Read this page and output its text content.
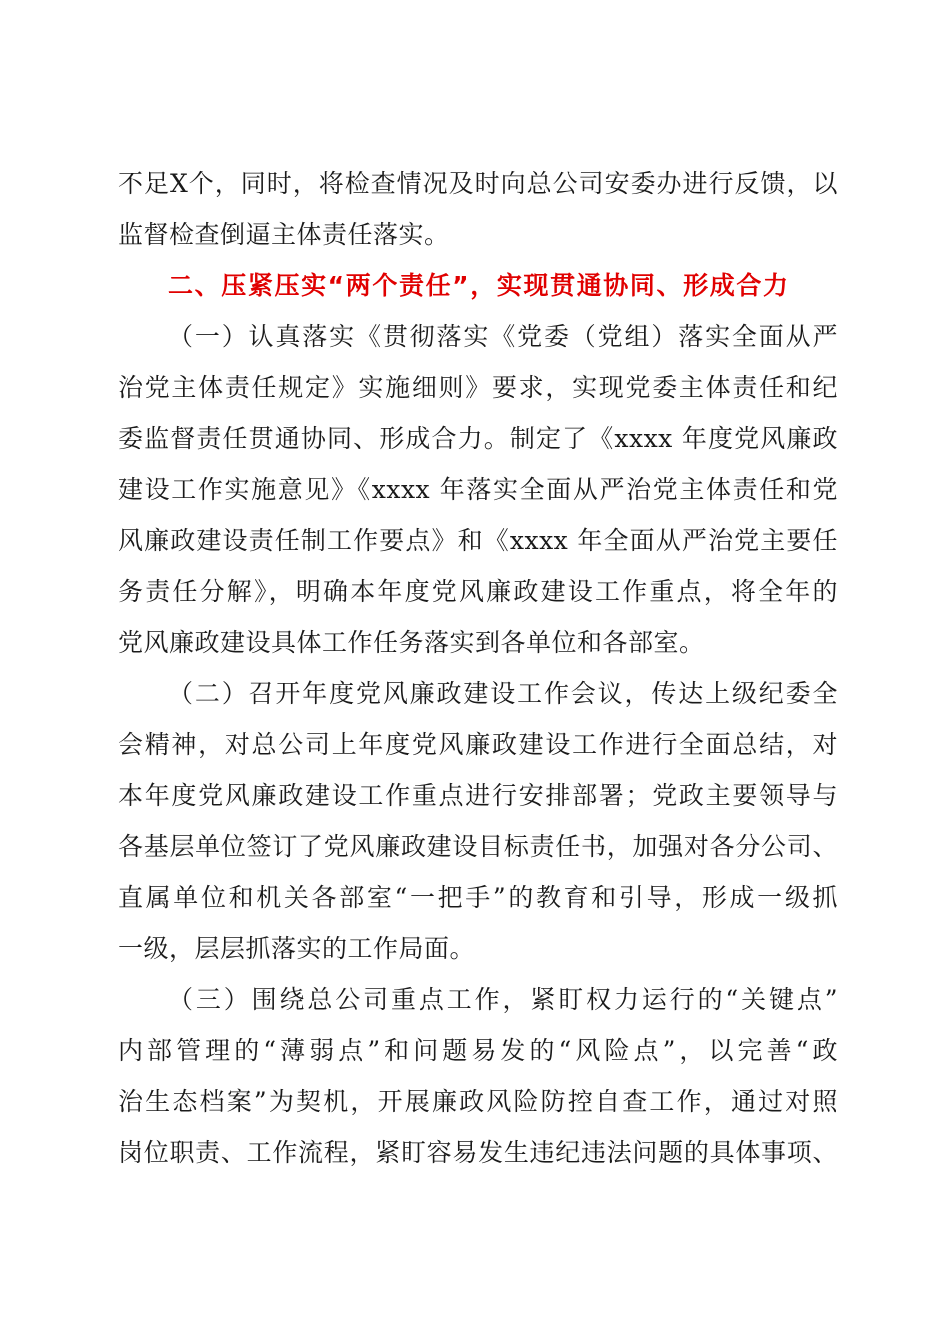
不足X个，同时，将检查情况及时向总公司安委办进行反馈，以
监督检查倒逼主体责任落实。
二、压紧压实“两个责任”，实现贯通协同、形成合力
（一）认真落实《贯彻落实《党委（党组）落实全面从严
治党主体责任规定》实施细则》要求，实现党委主体责任和纪
委监督责任贯通协同、形成合力。制定了《xxxx 年度党风廉政
建设工作实施意见》《xxxx 年落实全面从严治党主体责任和党
风廉政建设责任制工作要点》和《xxxx 年全面从严治党主要任
务责任分解》，明确本年度党风廉政建设工作重点，将全年的
党风廉政建设具体工作任务落实到各单位和各部室。
（二）召开年度党风廉政建设工作会议，传达上级纪委全
会精神，对总公司上年度党风廉政建设工作进行全面总结，对
本年度党风廉政建设工作重点进行安排部署；党政主要领导与
各基层单位签订了党风廉政建设目标责任书，加强对各分公司、
直属单位和机关各部室“一把手”的教育和引导，形成一级抓
一级，层层抓落实的工作局面。
（三）围绕总公司重点工作，紧盯权力运行的“关键点”
内部管理的“薄弱点”和问题易发的“风险点”，以完善“政
治生态档案”为契机，开展廉政风险防控自查工作，通过对照
岗位职责、工作流程，紧盯容易发生违纪违法问题的具体事项、
